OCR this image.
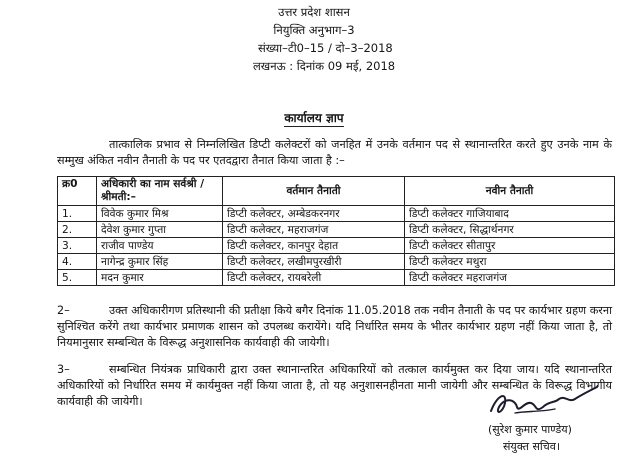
उत्तर प्रदेश शासन
नियुक्ति अनुभाग–3
संख्या–टी0–15 / दो–3–2018
लखनऊ : दिनांक 09 मई, 2018
कार्यालय ज्ञाप

तात्कालिक प्रभाव से निम्नलिखित डिप्टी कलेक्टरों को जनहित में उनके वर्तमान पद से स्थानान्तरित करते हुए उनके नाम के सम्मुख अंकित नवीन तैनाती के पद पर एतदद्वारा तैनात किया जाता है :–

क्र0	अधिकारी का नाम सर्वश्री / श्रीमती:–	वर्तमान तैनाती	नवीन तैनाती
1.	विवेक कुमार मिश्र	डिप्टी कलेक्टर, अम्बेडकरनगर	डिप्टी कलेक्टर गाजियाबाद
2.	देवेश कुमार गुप्ता	डिप्टी कलेक्टर, महराजगंज	डिप्टी कलेक्टर, सिद्धार्थनगर
3.	राजीव पाण्डेय	डिप्टी कलेक्टर, कानपुर देहात	डिप्टी कलेक्टर सीतापुर
4.	नागेन्द्र कुमार सिंह	डिप्टी कलेक्टर, लखीमपुरखीरी	डिप्टी कलेक्टर मथुरा
5.	मदन कुमार	डिप्टी कलेक्टर, रायबरेली	डिप्टी कलेक्टर महराजगंज

2–	उक्त अधिकारीगण प्रतिस्थानी की प्रतीक्षा किये बगैर दिनांक 11.05.2018 तक नवीन तैनाती के पद पर कार्यभार ग्रहण करना सुनिश्चित करेंगे तथा कार्यभार प्रमाणक शासन को उपलब्ध करायेंगे। यदि निर्धारित समय के भीतर कार्यभार ग्रहण नहीं किया जाता है, तो नियमानुसार सम्बन्धित के विरूद्ध अनुशासनिक कार्यवाही की जायेगी।

3–	सम्बन्धित नियंत्रक प्राधिकारी द्वारा उक्त स्थानान्तरित अधिकारियों को तत्काल कार्यमुक्त कर दिया जाय। यदि स्थानान्तरित अधिकारियों को निर्धारित समय में कार्यमुक्त नहीं किया जाता है, तो यह अनुशासनहीनता मानी जायेगी और सम्बन्धित के विरूद्ध विभागीय कार्यवाही की जायेगी।

(सुरेश कुमार पाण्डेय)
संयुक्त सचिव।
